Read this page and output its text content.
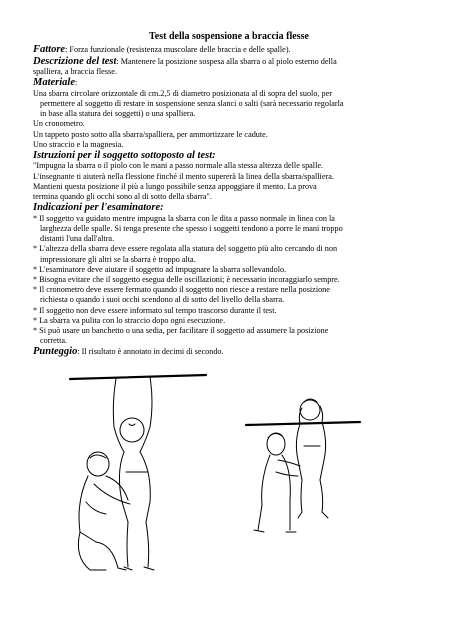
Test della sospensione a braccia flesse
Fattore: Forza funzionale (resistenza muscolare delle braccia e delle spalle).
Descrizione del test: Mantenere la posizione sospesa alla sbarra o al piolo esterno della
spalliera, a braccia flesse.
Materiale:
Una sbarra circolare orizzontale di cm.2,5 di diametro posizionata al di sopra del suolo, per
permettere al soggetto di restare in sospensione senza slanci o salti (sarà necessario regolarla
in base alla statura dei soggetti) o una spalliera.
Un cronometro.
Un tappeto posto sotto alla sbarra/spalliera, per ammortizzare le cadute.
Uno straccio e la magnesia.
Istruzioni per il soggetto sottoposto al test:
"Impugna la sbarra o il piolo con le mani a passo normale alla stessa altezza delle spalle.
L'insegnante ti aiuterà nella flessione finché il mento supererà la linea della sbarra/spalliera.
Mantieni questa posizione il più a lungo possibile senza appoggiare il mento. La prova
termina quando gli occhi sono al di sotto della sbarra".
Indicazioni per l'esaminatore:
* Il soggetto va guidato mentre impugna la sbarra con le dita a passo normale in linea con la
larghezza delle spalle. Si tenga presente che spesso i soggetti tendono a porre le mani troppo
distanti l'una dall'altra.
* L'altezza della sbarra deve essere regolata alla statura del soggetto più alto cercando di non
impressionare gli altri se la sbarra è troppo alta.
* L'esaminatore deve aiutare il soggetto ad impugnare la sbarra sollevandolo.
* Bisogna evitare che il soggetto esegua delle oscillazioni; è necessario incoraggiarlo sempre.
* Il cronometro deve essere fermato quando il soggetto non riesce a restare nella posizione
richiesta o quando i suoi occhi scendono al di sotto del livello della sbarra.
* Il soggetto non deve essere informato sul tempo trascorso durante il test.
* La sbarra va pulita con lo straccio dopo ogni esecuzione.
* Si può usare un banchetto o una sedia, per facilitare il soggetto ad assumere la posizione
corretta.
Punteggio: Il risultato è annotato in decimi di secondo.
